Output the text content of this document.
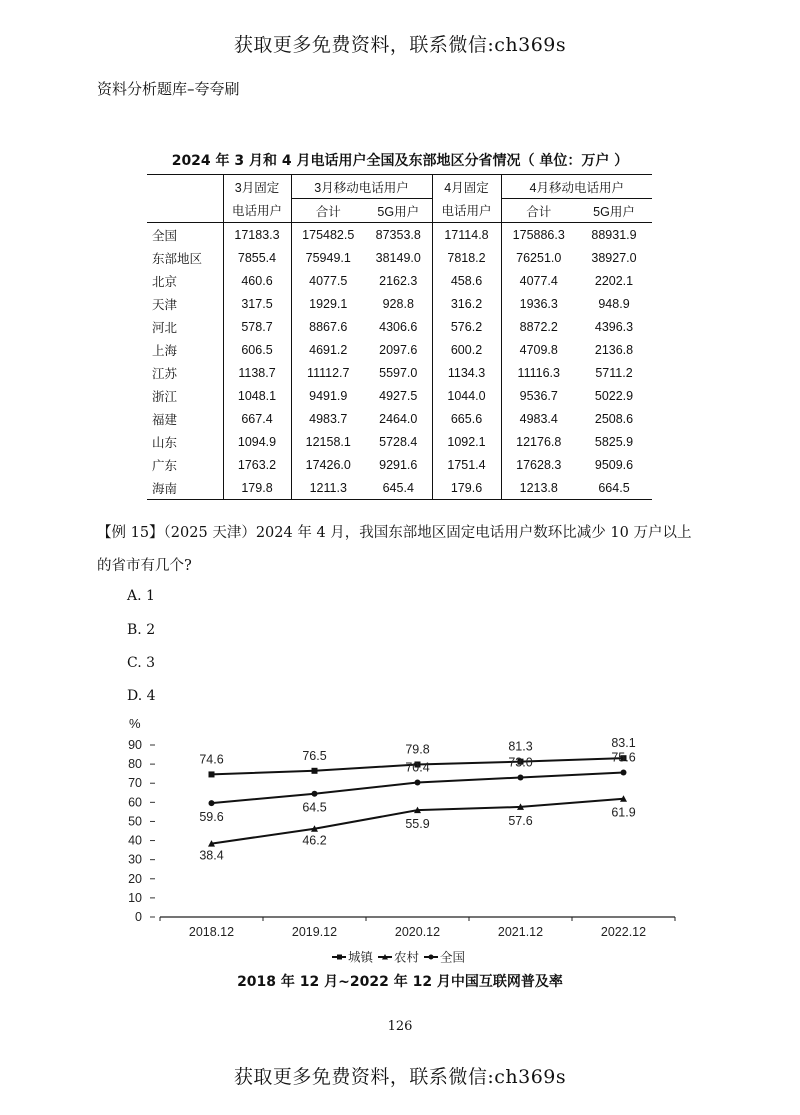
获取更多免费资料，联系微信:ch369s
资料分析题库–夸夸刷
2024 年 3 月和 4 月电话用户全国及东部地区分省情况（ 单位：万户 ）
	3月固定	3月移动电话用户		4月固定	4月移动电话用户	
	电话用户	合计	5G用户	电话用户	合计	5G用户
全国	17183.3	175482.5	87353.8	17114.8	175886.3	88931.9
东部地区	7855.4	75949.1	38149.0	7818.2	76251.0	38927.0
北京	460.6	4077.5	2162.3	458.6	4077.4	2202.1
天津	317.5	1929.1	928.8	316.2	1936.3	948.9
河北	578.7	8867.6	4306.6	576.2	8872.2	4396.3
上海	606.5	4691.2	2097.6	600.2	4709.8	2136.8
江苏	1138.7	11112.7	5597.0	1134.3	11116.3	5711.2
浙江	1048.1	9491.9	4927.5	1044.0	9536.7	5022.9
福建	667.4	4983.7	2464.0	665.6	4983.4	2508.6
山东	1094.9	12158.1	5728.4	1092.1	12176.8	5825.9
广东	1763.2	17426.0	9291.6	1751.4	17628.3	9509.6
海南	179.8	1211.3	645.4	179.6	1213.8	664.5
【例 15】（2025 天津）2024 年 4 月，我国东部地区固定电话用户数环比减少 10 万户以上
的省市有几个?
A. 1
B. 2
C. 3
D. 4
%
0
10
20
30
40
50
60
70
80
90
2018.12	2019.12	2020.12	2021.12	2022.12
74.6	76.5	79.8	81.3	83.1
38.4
46.2
55.9	57.6
61.9
59.6
64.5
70.4	73.0	75.6
城镇 农村 全国
2018 年 12 月~2022 年 12 月中国互联网普及率
126
获取更多免费资料，联系微信:ch369s
